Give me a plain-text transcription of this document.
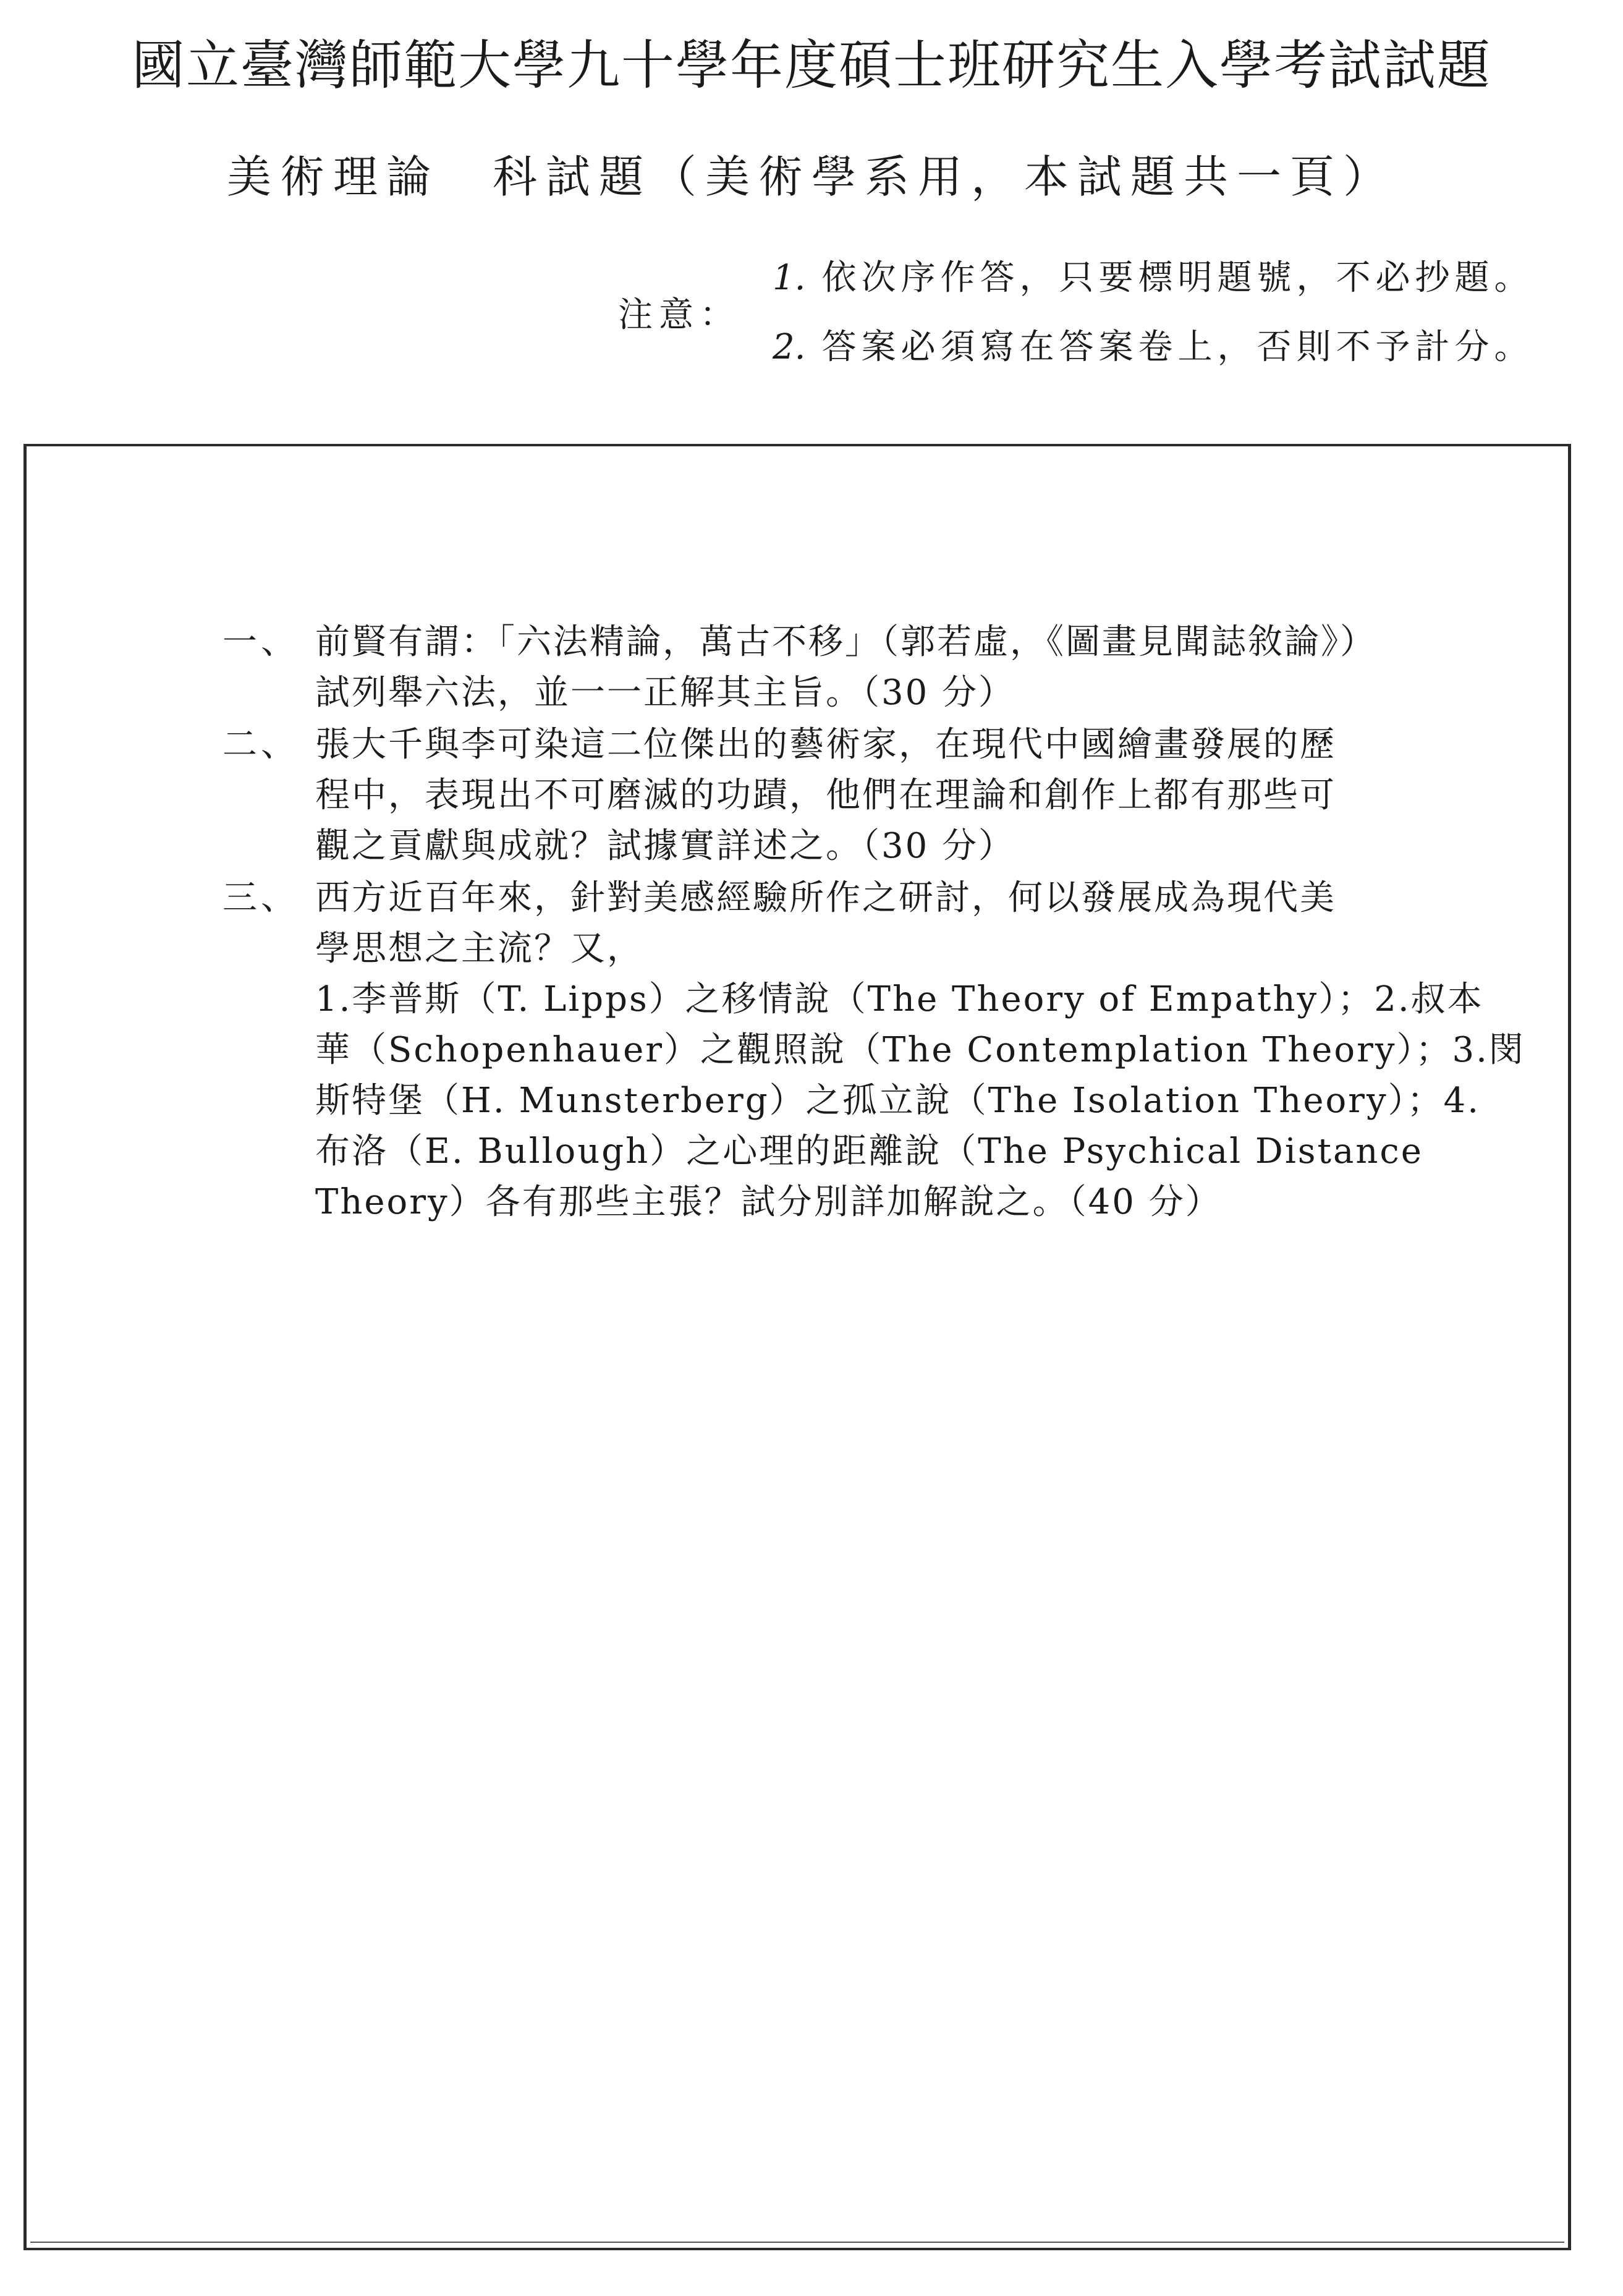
國立臺灣師範大學九十學年度碩士班研究生入學考試試題
美術理論　科試題（美術學系用，本試題共一頁）
注意：
1. 依次序作答，只要標明題號，不必抄題。
2. 答案必須寫在答案卷上，否則不予計分。
一、 前賢有謂：「六法精論，萬古不移」（郭若虛，《圖畫見聞誌敘論》）
試列舉六法，並一一正解其主旨。（30 分）
二、 張大千與李可染這二位傑出的藝術家，在現代中國繪畫發展的歷
程中，表現出不可磨滅的功蹟，他們在理論和創作上都有那些可
觀之貢獻與成就？試據實詳述之。（30 分）
三、 西方近百年來，針對美感經驗所作之研討，何以發展成為現代美
學思想之主流？又，
1.李普斯（T. Lipps）之移情說（The Theory of Empathy）；2.叔本
華（Schopenhauer）之觀照說（The Contemplation Theory）；3.閔
斯特堡（H. Munsterberg）之孤立說（The Isolation Theory）；4.
布洛（E. Bullough）之心理的距離說（The Psychical Distance
Theory）各有那些主張？試分別詳加解說之。（40 分）
